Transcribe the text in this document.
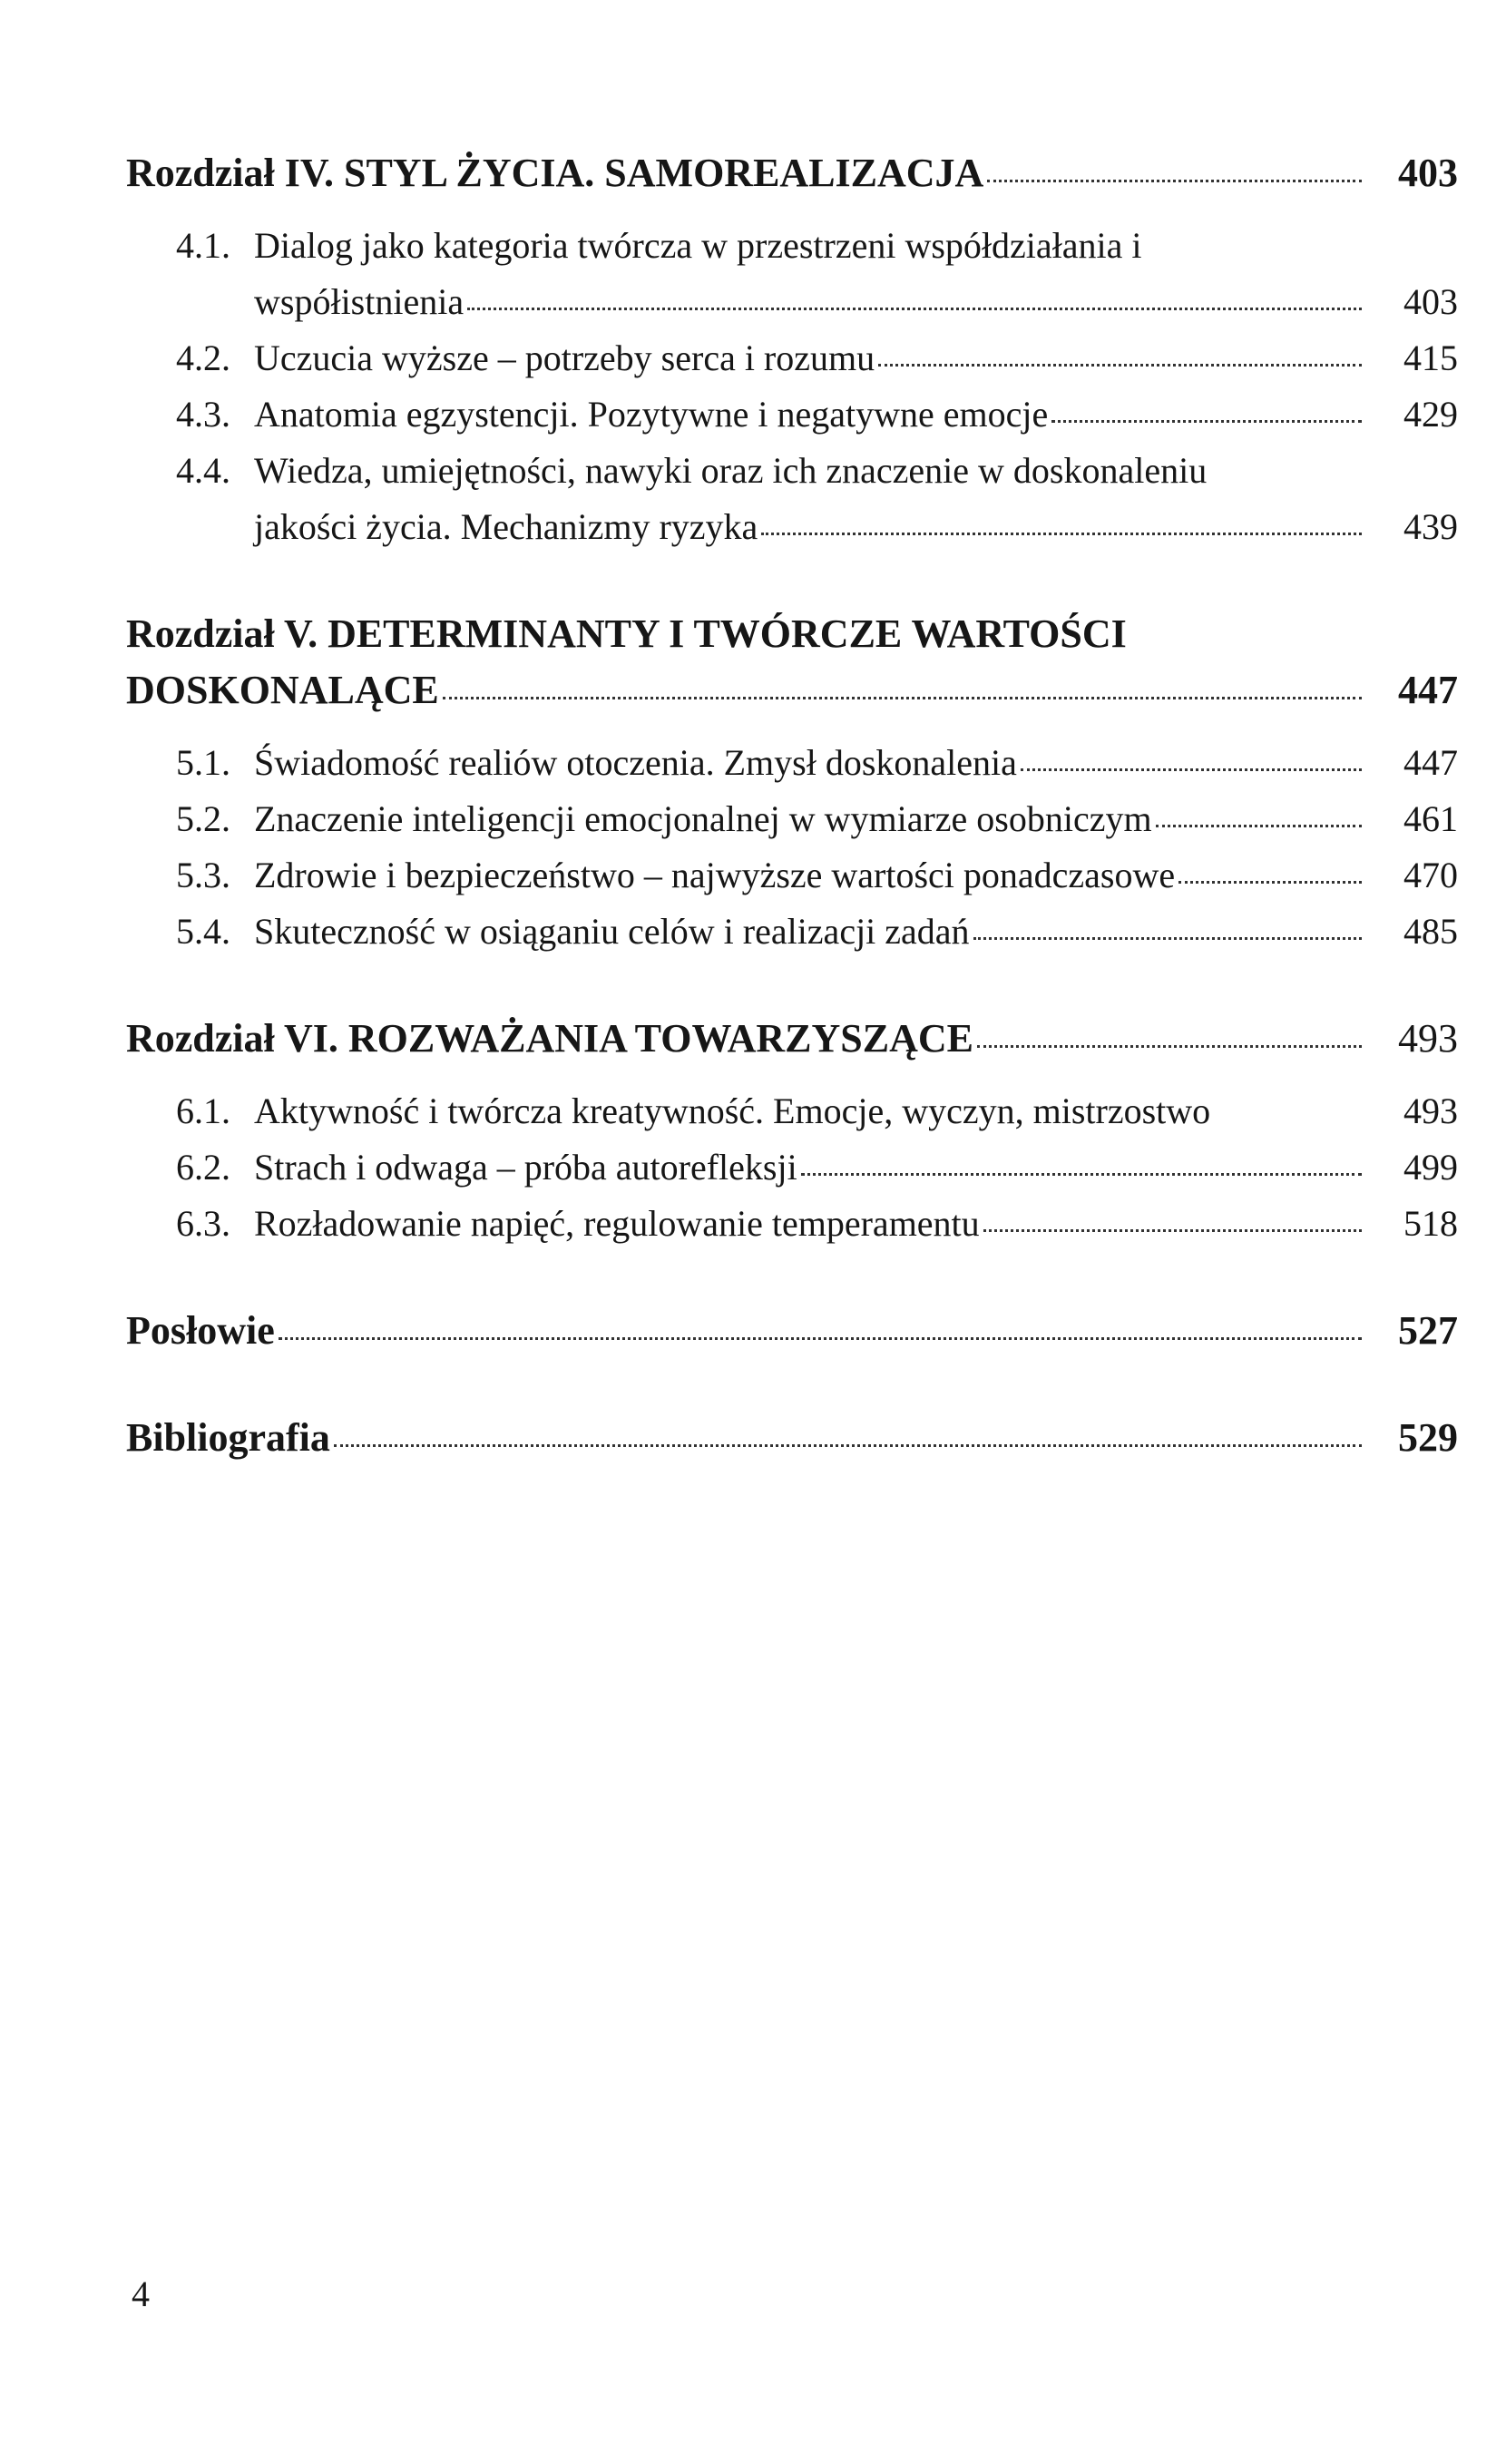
Rozdział IV. STYL ŻYCIA. SAMOREALIZACJA	403
4.1. Dialog jako kategoria twórcza w przestrzeni współdziałania i
współistnienia	403
4.2. Uczucia wyższe – potrzeby serca i rozumu	415
4.3. Anatomia egzystencji. Pozytywne i negatywne emocje	429
4.4. Wiedza, umiejętności, nawyki oraz ich znaczenie w doskonaleniu
jakości życia. Mechanizmy ryzyka	439
Rozdział V. DETERMINANTY I TWÓRCZE WARTOŚCI
DOSKONALĄCE	447
5.1. Świadomość realiów otoczenia. Zmysł doskonalenia	447
5.2. Znaczenie inteligencji emocjonalnej w wymiarze osobniczym	461
5.3. Zdrowie i bezpieczeństwo – najwyższe wartości ponadczasowe	470
5.4. Skuteczność w osiąganiu celów i realizacji zadań	485
Rozdział VI. ROZWAŻANIA TOWARZYSZĄCE	493
6.1. Aktywność i twórcza kreatywność. Emocje, wyczyn, mistrzostwo	493
6.2. Strach i odwaga – próba autorefleksji	499
6.3. Rozładowanie napięć, regulowanie temperamentu	518
Posłowie	527
Bibliografia	529
4
